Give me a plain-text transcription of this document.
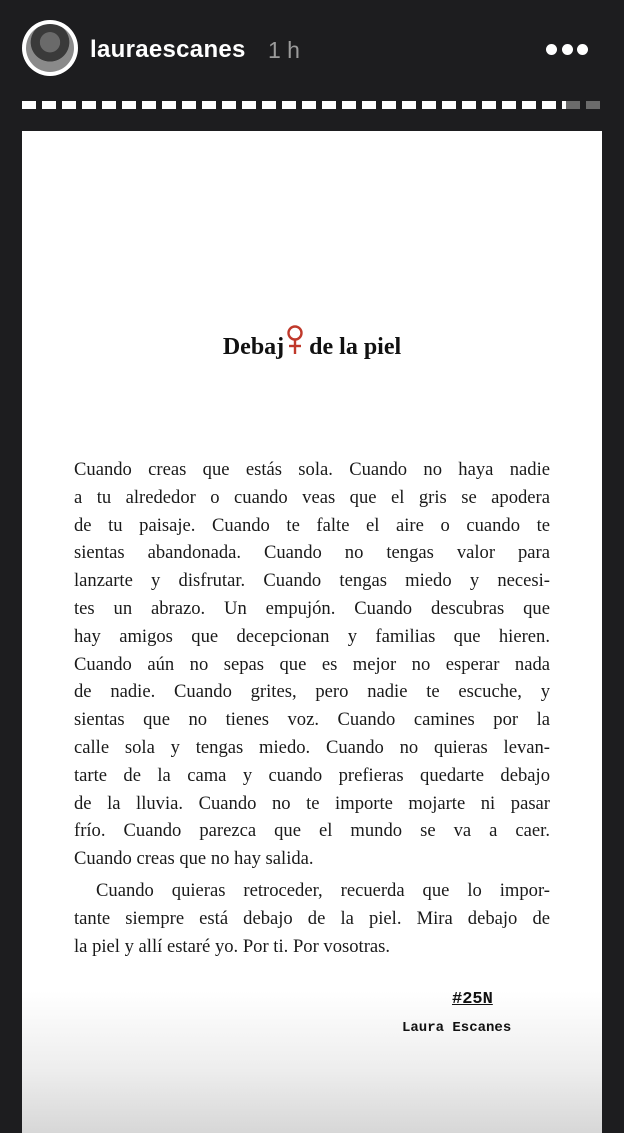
lauraescanes 1 h
Debaj de la piel
Cuando creas que estás sola. Cuando no haya nadie
a tu alrededor o cuando veas que el gris se apodera
de tu paisaje. Cuando te falte el aire o cuando te
sientas abandonada. Cuando no tengas valor para
lanzarte y disfrutar. Cuando tengas miedo y necesi-
tes un abrazo. Un empujón. Cuando descubras que
hay amigos que decepcionan y familias que hieren.
Cuando aún no sepas que es mejor no esperar nada
de nadie. Cuando grites, pero nadie te escuche, y
sientas que no tienes voz. Cuando camines por la
calle sola y tengas miedo. Cuando no quieras levan-
tarte de la cama y cuando prefieras quedarte debajo
de la lluvia. Cuando no te importe mojarte ni pasar
frío. Cuando parezca que el mundo se va a caer.
Cuando creas que no hay salida.
Cuando quieras retroceder, recuerda que lo impor-
tante siempre está debajo de la piel. Mira debajo de
la piel y allí estaré yo. Por ti. Por vosotras.
#25N
Laura Escanes
